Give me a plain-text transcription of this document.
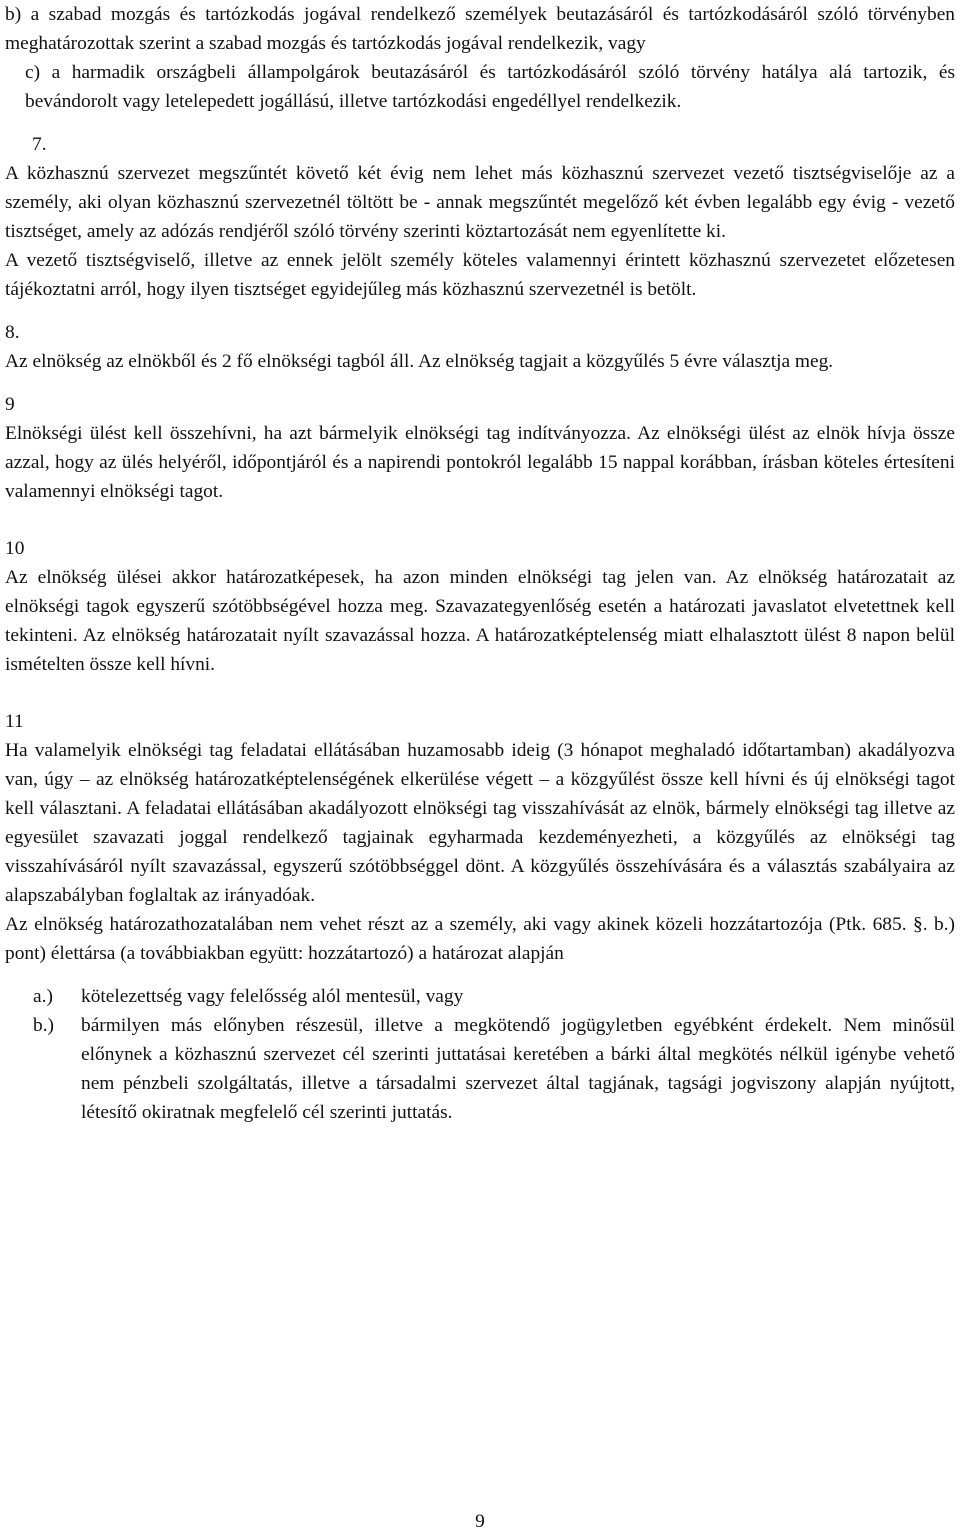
b) a szabad mozgás és tartózkodás jogával rendelkező személyek beutazásáról és tartózkodásáról szóló törvényben meghatározottak szerint a szabad mozgás és tartózkodás jogával rendelkezik, vagy

c) a harmadik országbeli állampolgárok beutazásáról és tartózkodásáról szóló törvény hatálya alá tartozik, és bevándorolt vagy letelepedett jogállású, illetve tartózkodási engedéllyel rendelkezik.

7.

A közhasznú szervezet megszűntét követő két évig nem lehet más közhasznú szervezet vezető tisztségviselője az a személy, aki olyan közhasznú szervezetnél töltött be - annak megszűntét megelőző két évben legalább egy évig - vezető tisztséget, amely az adózás rendjéről szóló törvény szerinti köztartozását nem egyenlítette ki.

A vezető tisztségviselő, illetve az ennek jelölt személy köteles valamennyi érintett közhasznú szervezetet előzetesen tájékoztatni arról, hogy ilyen tisztséget egyidejűleg más közhasznú szervezetnél is betölt.

8.

Az elnökség az elnökből és 2 fő elnökségi tagból áll. Az elnökség tagjait a közgyűlés 5 évre választja meg.

9

Elnökségi ülést kell összehívni, ha azt bármelyik elnökségi tag indítványozza. Az elnökségi ülést az elnök hívja össze azzal, hogy az ülés helyéről, időpontjáról és a napirendi pontokról legalább 15 nappal korábban, írásban köteles értesíteni valamennyi elnökségi tagot.

10

Az elnökség ülései akkor határozatképesek, ha azon minden elnökségi tag jelen van. Az elnökség határozatait az elnökségi tagok egyszerű szótöbbségével hozza meg. Szavazategyenlőség esetén a határozati javaslatot elvetettnek kell tekinteni. Az elnökség határozatait nyílt szavazással hozza. A határozatképtelenség miatt elhalasztott ülést 8 napon belül ismételten össze kell hívni.

11

Ha valamelyik elnökségi tag feladatai ellátásában huzamosabb ideig (3 hónapot meghaladó időtartamban) akadályozva van, úgy – az elnökség határozatképtelenségének elkerülése végett – a közgyűlést össze kell hívni és új elnökségi tagot kell választani. A feladatai ellátásában akadályozott elnökségi tag visszahívását az elnök, bármely elnökségi tag illetve az egyesület szavazati joggal rendelkező tagjainak egyharmada kezdeményezheti, a közgyűlés az elnökségi tag visszahívásáról nyílt szavazással, egyszerű szótöbbséggel dönt. A közgyűlés összehívására és a választás szabályaira az alapszabályban foglaltak az irányadóak.

Az elnökség határozathozatalában nem vehet részt az a személy, aki vagy akinek közeli hozzátartozója (Ptk. 685. §. b.) pont) élettársa (a továbbiakban együtt: hozzátartozó) a határozat alapján

a.)	kötelezettség vagy felelősség alól mentesül, vagy
b.)	bármilyen más előnyben részesül, illetve a megkötendő jogügyletben egyébként érdekelt. Nem minősül előnynek a közhasznú szervezet cél szerinti juttatásai keretében a bárki által megkötés nélkül igénybe vehető nem pénzbeli szolgáltatás, illetve a társadalmi szervezet által tagjának, tagsági jogviszony alapján nyújtott, létesítő okiratnak megfelelő cél szerinti juttatás.
9
